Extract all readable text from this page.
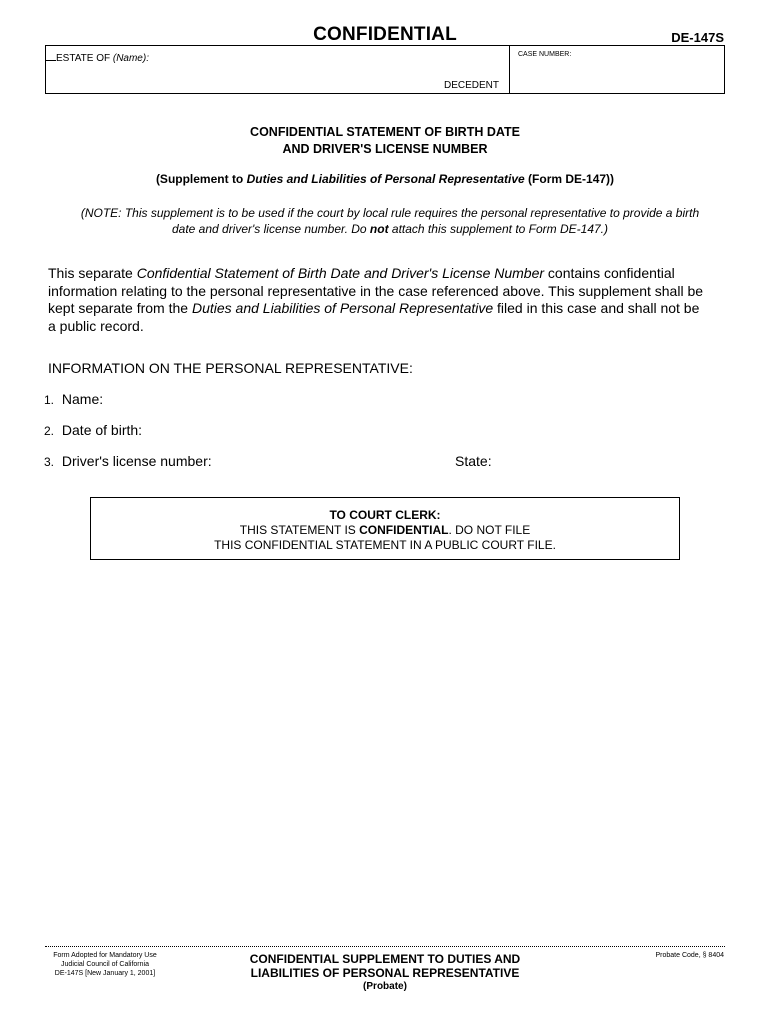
CONFIDENTIAL	DE-147S
ESTATE OF (Name):	CASE NUMBER:
DECEDENT
CONFIDENTIAL STATEMENT OF BIRTH DATE
AND DRIVER'S LICENSE NUMBER
(Supplement to Duties and Liabilities of Personal Representative (Form DE-147))
(NOTE: This supplement is to be used if the court by local rule requires the personal representative to provide a birth date and driver's license number. Do not attach this supplement to Form DE-147.)
This separate Confidential Statement of Birth Date and Driver's License Number contains confidential information relating to the personal representative in the case referenced above. This supplement shall be kept separate from the Duties and Liabilities of Personal Representative filed in this case and shall not be a public record.
INFORMATION ON THE PERSONAL REPRESENTATIVE:
1. Name:
2. Date of birth:
3. Driver's license number:	State:
TO COURT CLERK:
THIS STATEMENT IS CONFIDENTIAL. DO NOT FILE
THIS CONFIDENTIAL STATEMENT IN A PUBLIC COURT FILE.
Form Adopted for Mandatory Use
Judicial Council of California
DE-147S [New January 1, 2001]
CONFIDENTIAL SUPPLEMENT TO DUTIES AND
LIABILITIES OF PERSONAL REPRESENTATIVE
(Probate)
Probate Code, § 8404
